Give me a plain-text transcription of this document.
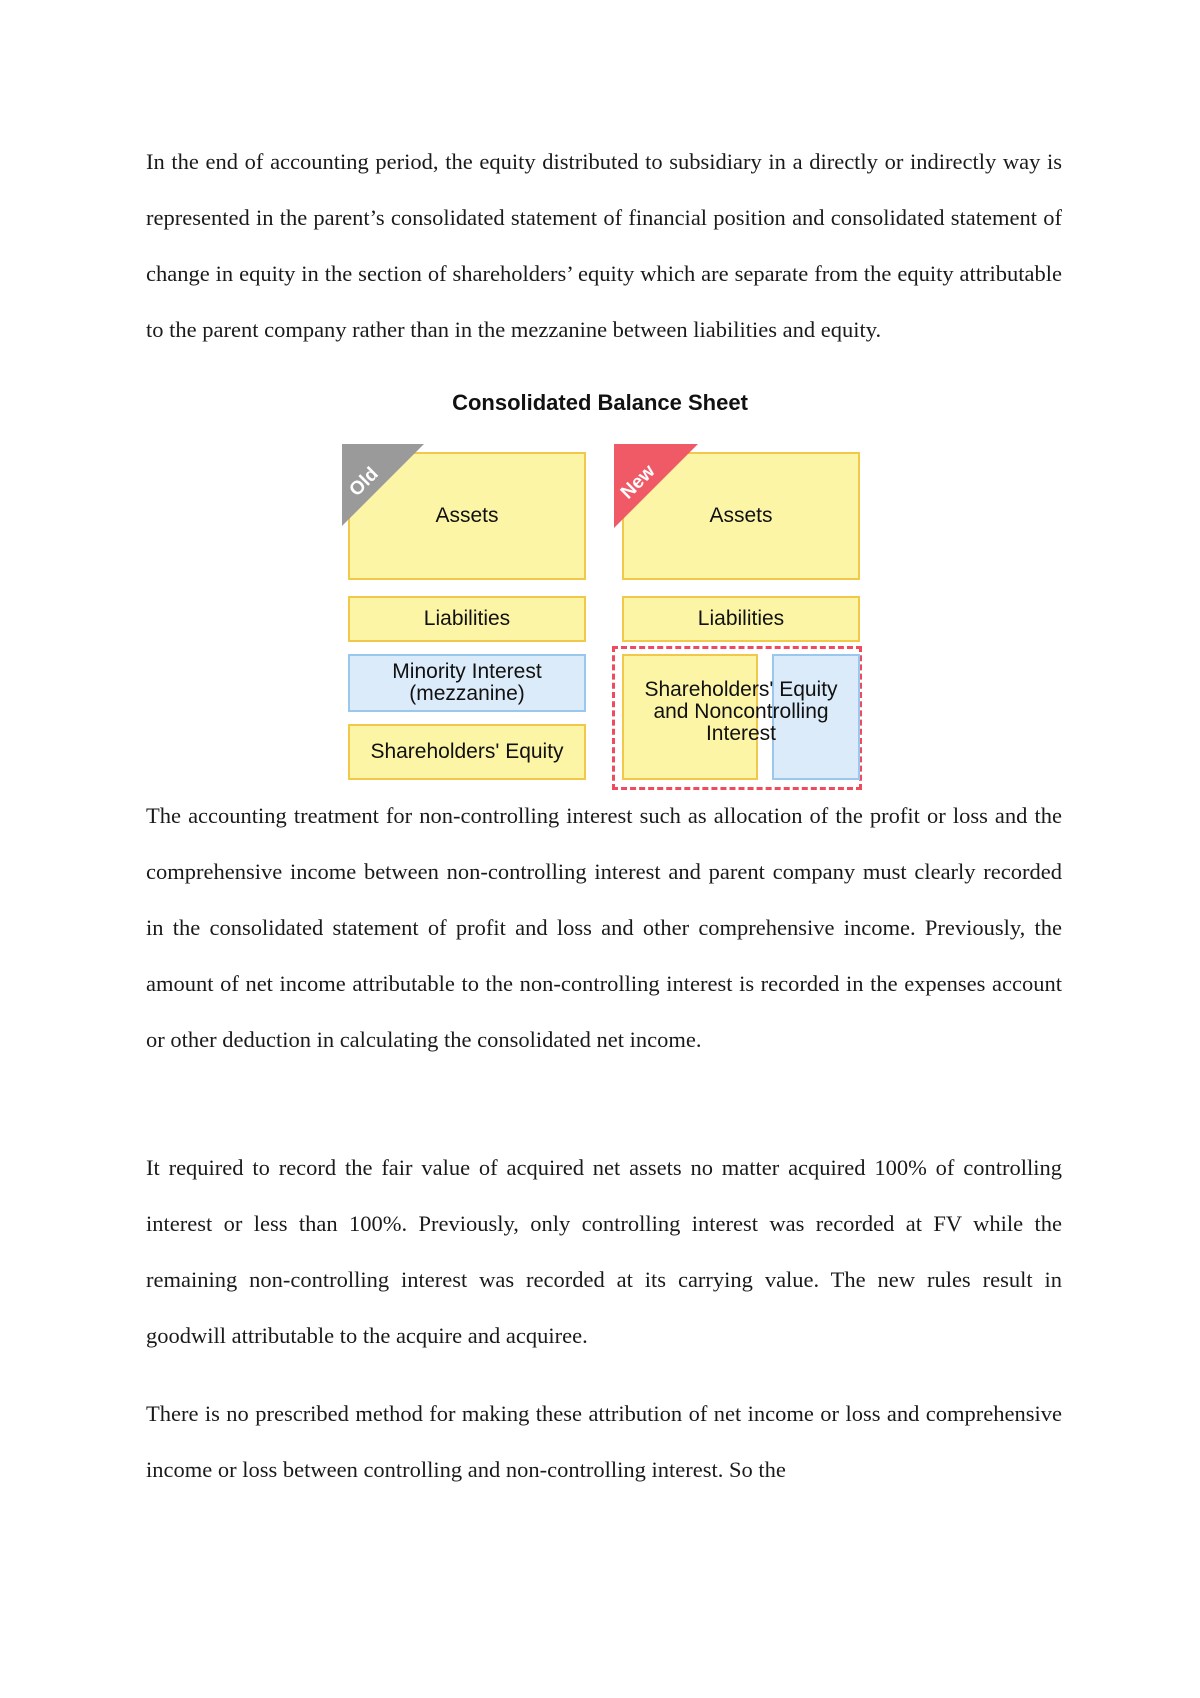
In the end of accounting period, the equity distributed to subsidiary in a directly or indirectly way is represented in the parent’s consolidated statement of financial position and consolidated statement of change in equity in the section of shareholders’ equity which are separate from the equity attributable to the parent company rather than in the mezzanine between liabilities and equity.

Consolidated Balance Sheet
Assets
Old
Liabilities
Minority Interest
(mezzanine)
Shareholders' Equity
Assets
New
Liabilities
Shareholders' Equity
and Noncontrolling
Interest

The accounting treatment for non-controlling interest such as allocation of the profit or loss and the comprehensive income between non-controlling interest and parent company must clearly recorded in the consolidated statement of profit and loss and other comprehensive income. Previously, the amount of net income attributable to the non-controlling interest is recorded in the expenses account or other deduction in calculating the consolidated net income.

It required to record the fair value of acquired net assets no matter acquired 100% of controlling interest or less than 100%. Previously, only controlling interest was recorded at FV while the remaining non-controlling interest was recorded at its carrying value. The new rules result in goodwill attributable to the acquire and acquiree.

There is no prescribed method for making these attribution of net income or loss and comprehensive income or loss between controlling and non-controlling interest. So the
